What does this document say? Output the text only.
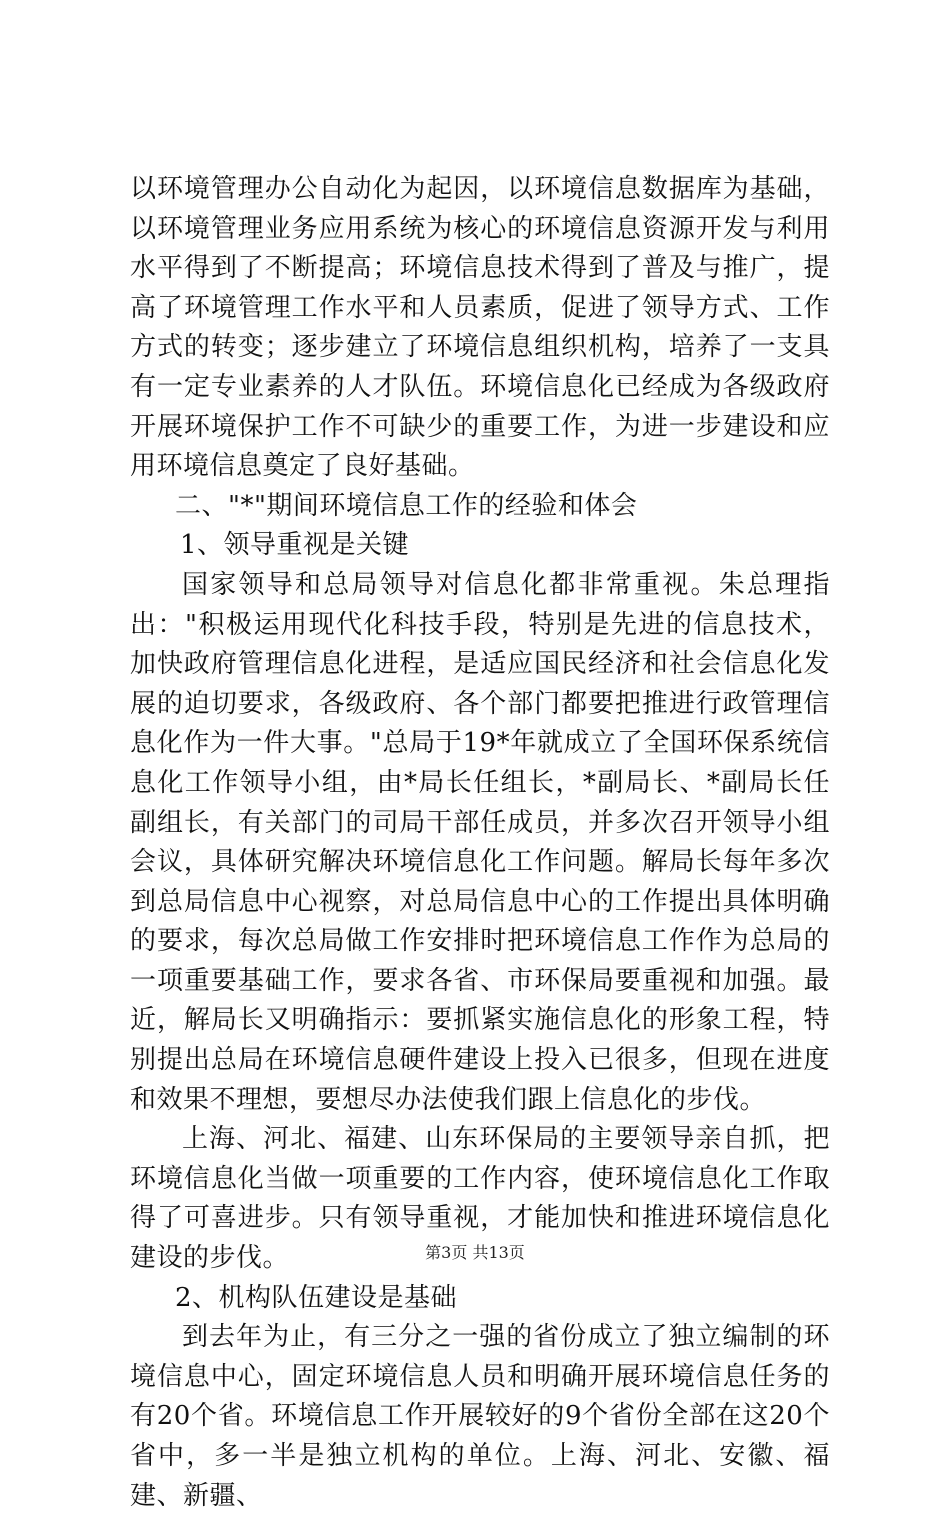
以环境管理办公自动化为起因，以环境信息数据库为基础，以环境管理业务应用系统为核心的环境信息资源开发与利用水平得到了不断提高；环境信息技术得到了普及与推广，提高了环境管理工作水平和人员素质，促进了领导方式、工作方式的转变；逐步建立了环境信息组织机构，培养了一支具有一定专业素养的人才队伍。环境信息化已经成为各级政府开展环境保护工作不可缺少的重要工作，为进一步建设和应用环境信息奠定了良好基础。

二、"*"期间环境信息工作的经验和体会

1、领导重视是关键

国家领导和总局领导对信息化都非常重视。朱总理指出："积极运用现代化科技手段，特别是先进的信息技术，加快政府管理信息化进程，是适应国民经济和社会信息化发展的迫切要求，各级政府、各个部门都要把推进行政管理信息化作为一件大事。"总局于19*年就成立了全国环保系统信息化工作领导小组，由*局长任组长，*副局长、*副局长任副组长，有关部门的司局干部任成员，并多次召开领导小组会议，具体研究解决环境信息化工作问题。解局长每年多次到总局信息中心视察，对总局信息中心的工作提出具体明确的要求，每次总局做工作安排时把环境信息工作作为总局的一项重要基础工作，要求各省、市环保局要重视和加强。最近，解局长又明确指示：要抓紧实施信息化的形象工程，特别提出总局在环境信息硬件建设上投入已很多，但现在进度和效果不理想，要想尽办法使我们跟上信息化的步伐。

上海、河北、福建、山东环保局的主要领导亲自抓，把环境信息化当做一项重要的工作内容，使环境信息化工作取得了可喜进步。只有领导重视，才能加快和推进环境信息化建设的步伐。

2、机构队伍建设是基础

到去年为止，有三分之一强的省份成立了独立编制的环境信息中心，固定环境信息人员和明确开展环境信息任务的有20个省。环境信息工作开展较好的9个省份全部在这20个省中，多一半是独立机构的单位。上海、河北、安徽、福建、新疆、

第3页 共13页
